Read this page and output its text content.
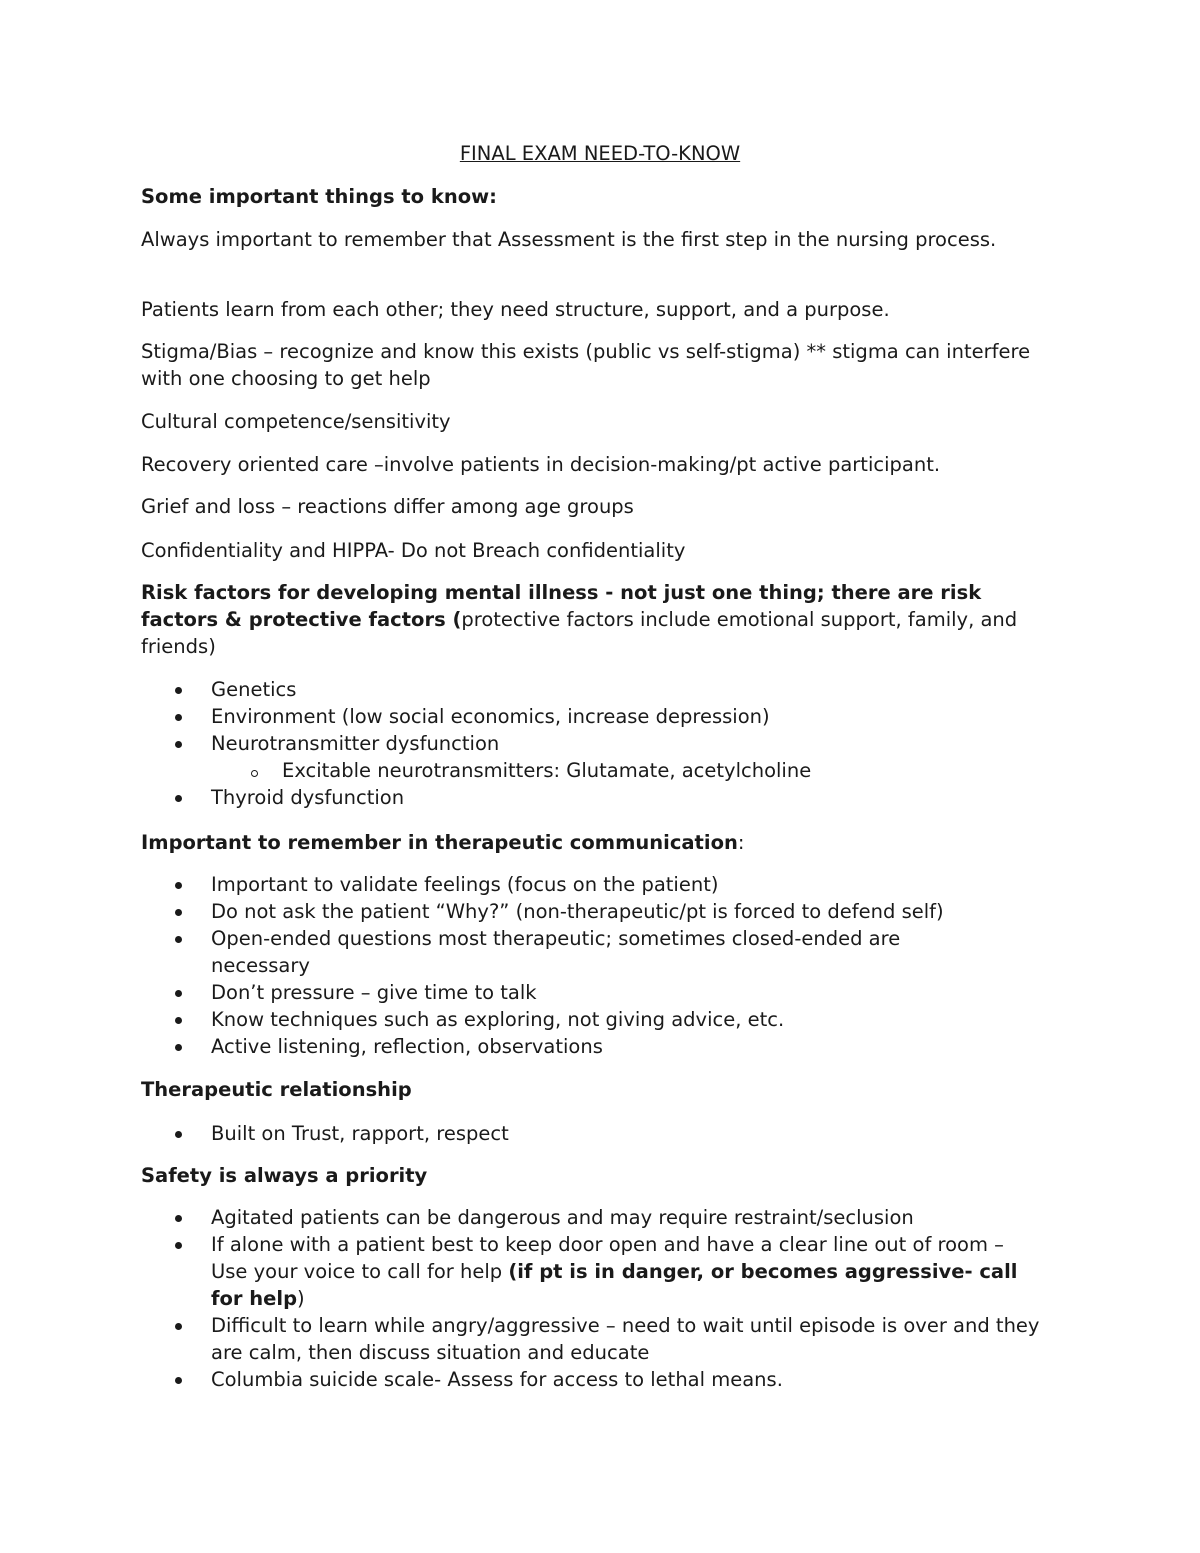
FINAL EXAM NEED-TO-KNOW

Some important things to know:

Always important to remember that Assessment is the first step in the nursing process.

Patients learn from each other; they need structure, support, and a purpose.

Stigma/Bias – recognize and know this exists (public vs self-stigma) ** stigma can interfere with one choosing to get help

Cultural competence/sensitivity

Recovery oriented care –involve patients in decision-making/pt active participant.

Grief and loss – reactions differ among age groups

Confidentiality and HIPPA- Do not Breach confidentiality

Risk factors for developing mental illness - not just one thing; there are risk factors & protective factors (protective factors include emotional support, family, and friends)

Genetics
Environment (low social economics, increase depression)
Neurotransmitter dysfunction
Excitable neurotransmitters: Glutamate, acetylcholine
Thyroid dysfunction

Important to remember in therapeutic communication:

Important to validate feelings (focus on the patient)
Do not ask the patient “Why?” (non-therapeutic/pt is forced to defend self)
Open-ended questions most therapeutic; sometimes closed-ended are necessary
Don’t pressure – give time to talk
Know techniques such as exploring, not giving advice, etc.
Active listening, reflection, observations

Therapeutic relationship

Built on Trust, rapport, respect

Safety is always a priority

Agitated patients can be dangerous and may require restraint/seclusion
If alone with a patient best to keep door open and have a clear line out of room – Use your voice to call for help (if pt is in danger, or becomes aggressive- call for help)
Difficult to learn while angry/aggressive – need to wait until episode is over and they are calm, then discuss situation and educate
Columbia suicide scale- Assess for access to lethal means.
